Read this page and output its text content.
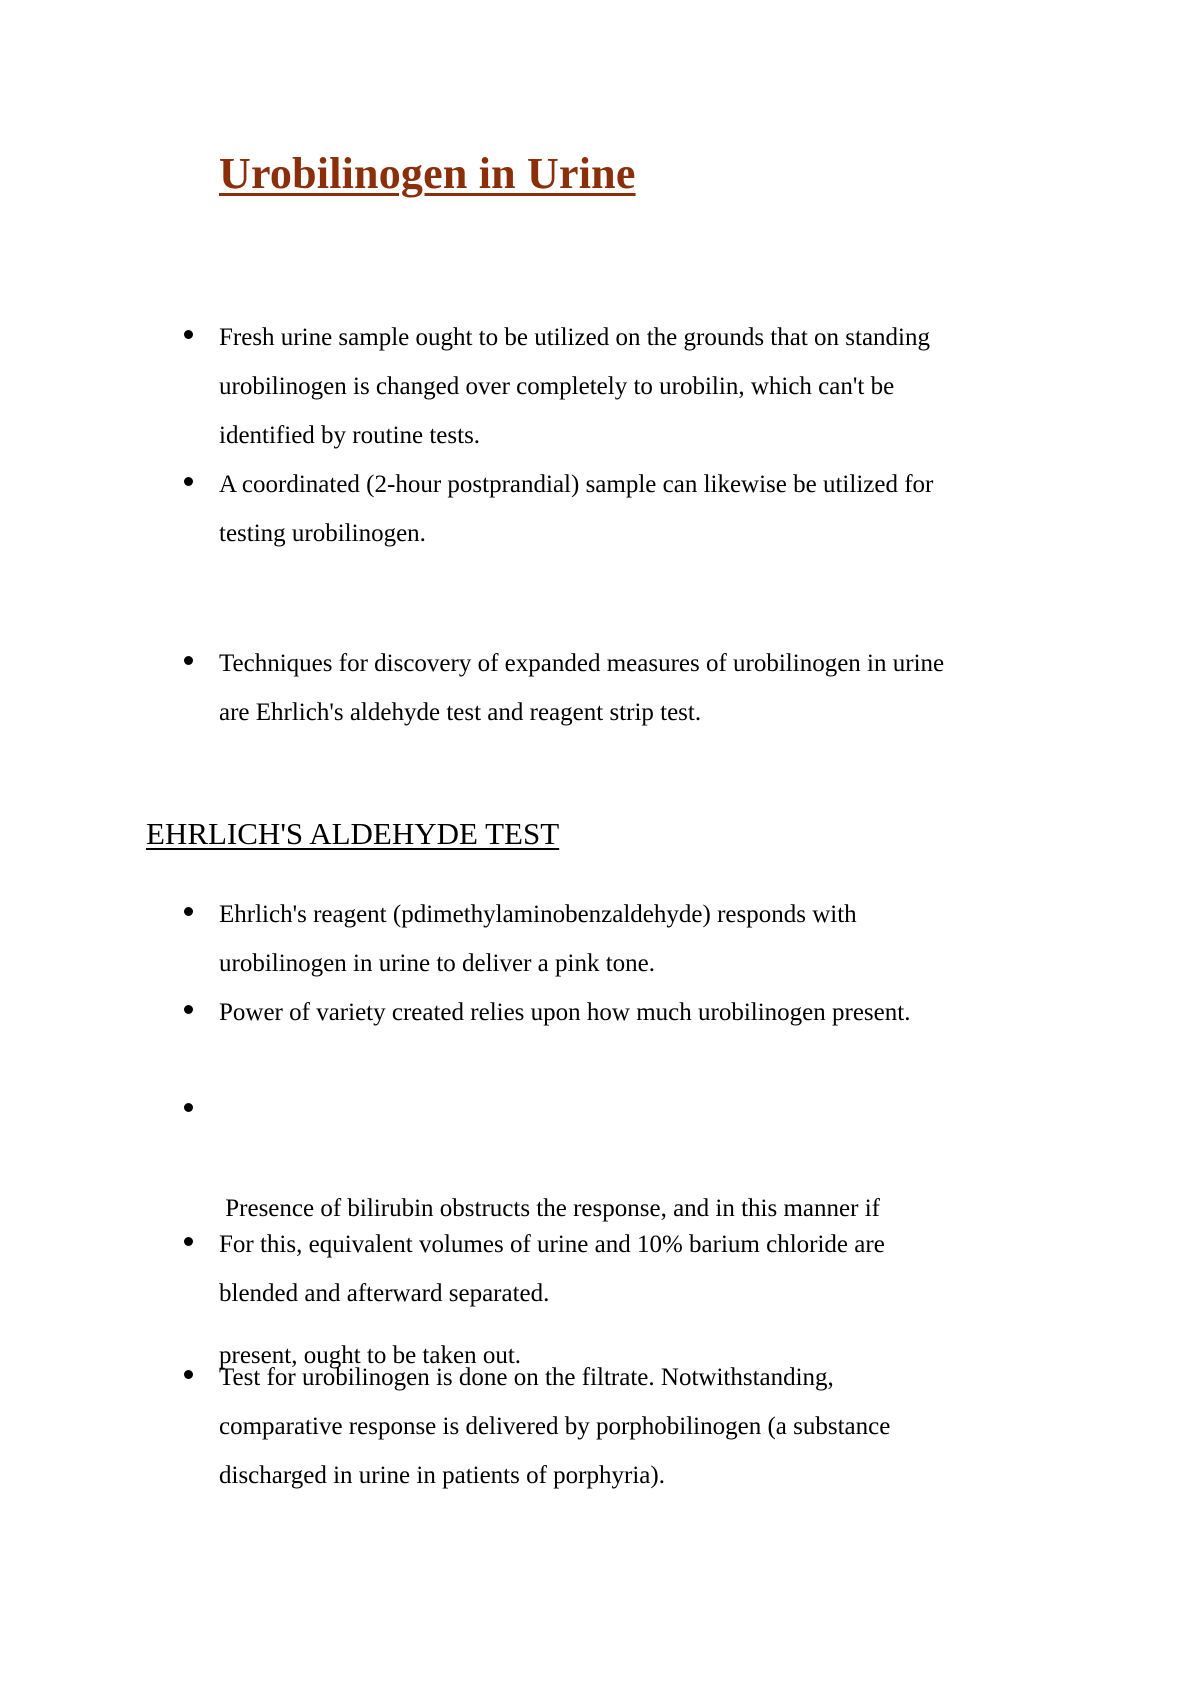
Urobilinogen in Urine
Fresh urine sample ought to be utilized on the grounds that on standing
urobilinogen is changed over completely to urobilin, which can't be
identified by routine tests.
A coordinated (2-hour postprandial) sample can likewise be utilized for
testing urobilinogen.
Techniques for discovery of expanded measures of urobilinogen in urine
are Ehrlich's aldehyde test and reagent strip test.
EHRLICH'S ALDEHYDE TEST
Ehrlich's reagent (pdimethylaminobenzaldehyde) responds with
urobilinogen in urine to deliver a pink tone.
Power of variety created relies upon how much urobilinogen present.

Presence of bilirubin obstructs the response, and in this manner if

present, ought to be taken out.

For this, equivalent volumes of urine and 10% barium chloride are
blended and afterward separated.
Test for urobilinogen is done on the filtrate. Notwithstanding,
comparative response is delivered by porphobilinogen (a substance
discharged in urine in patients of porphyria).
